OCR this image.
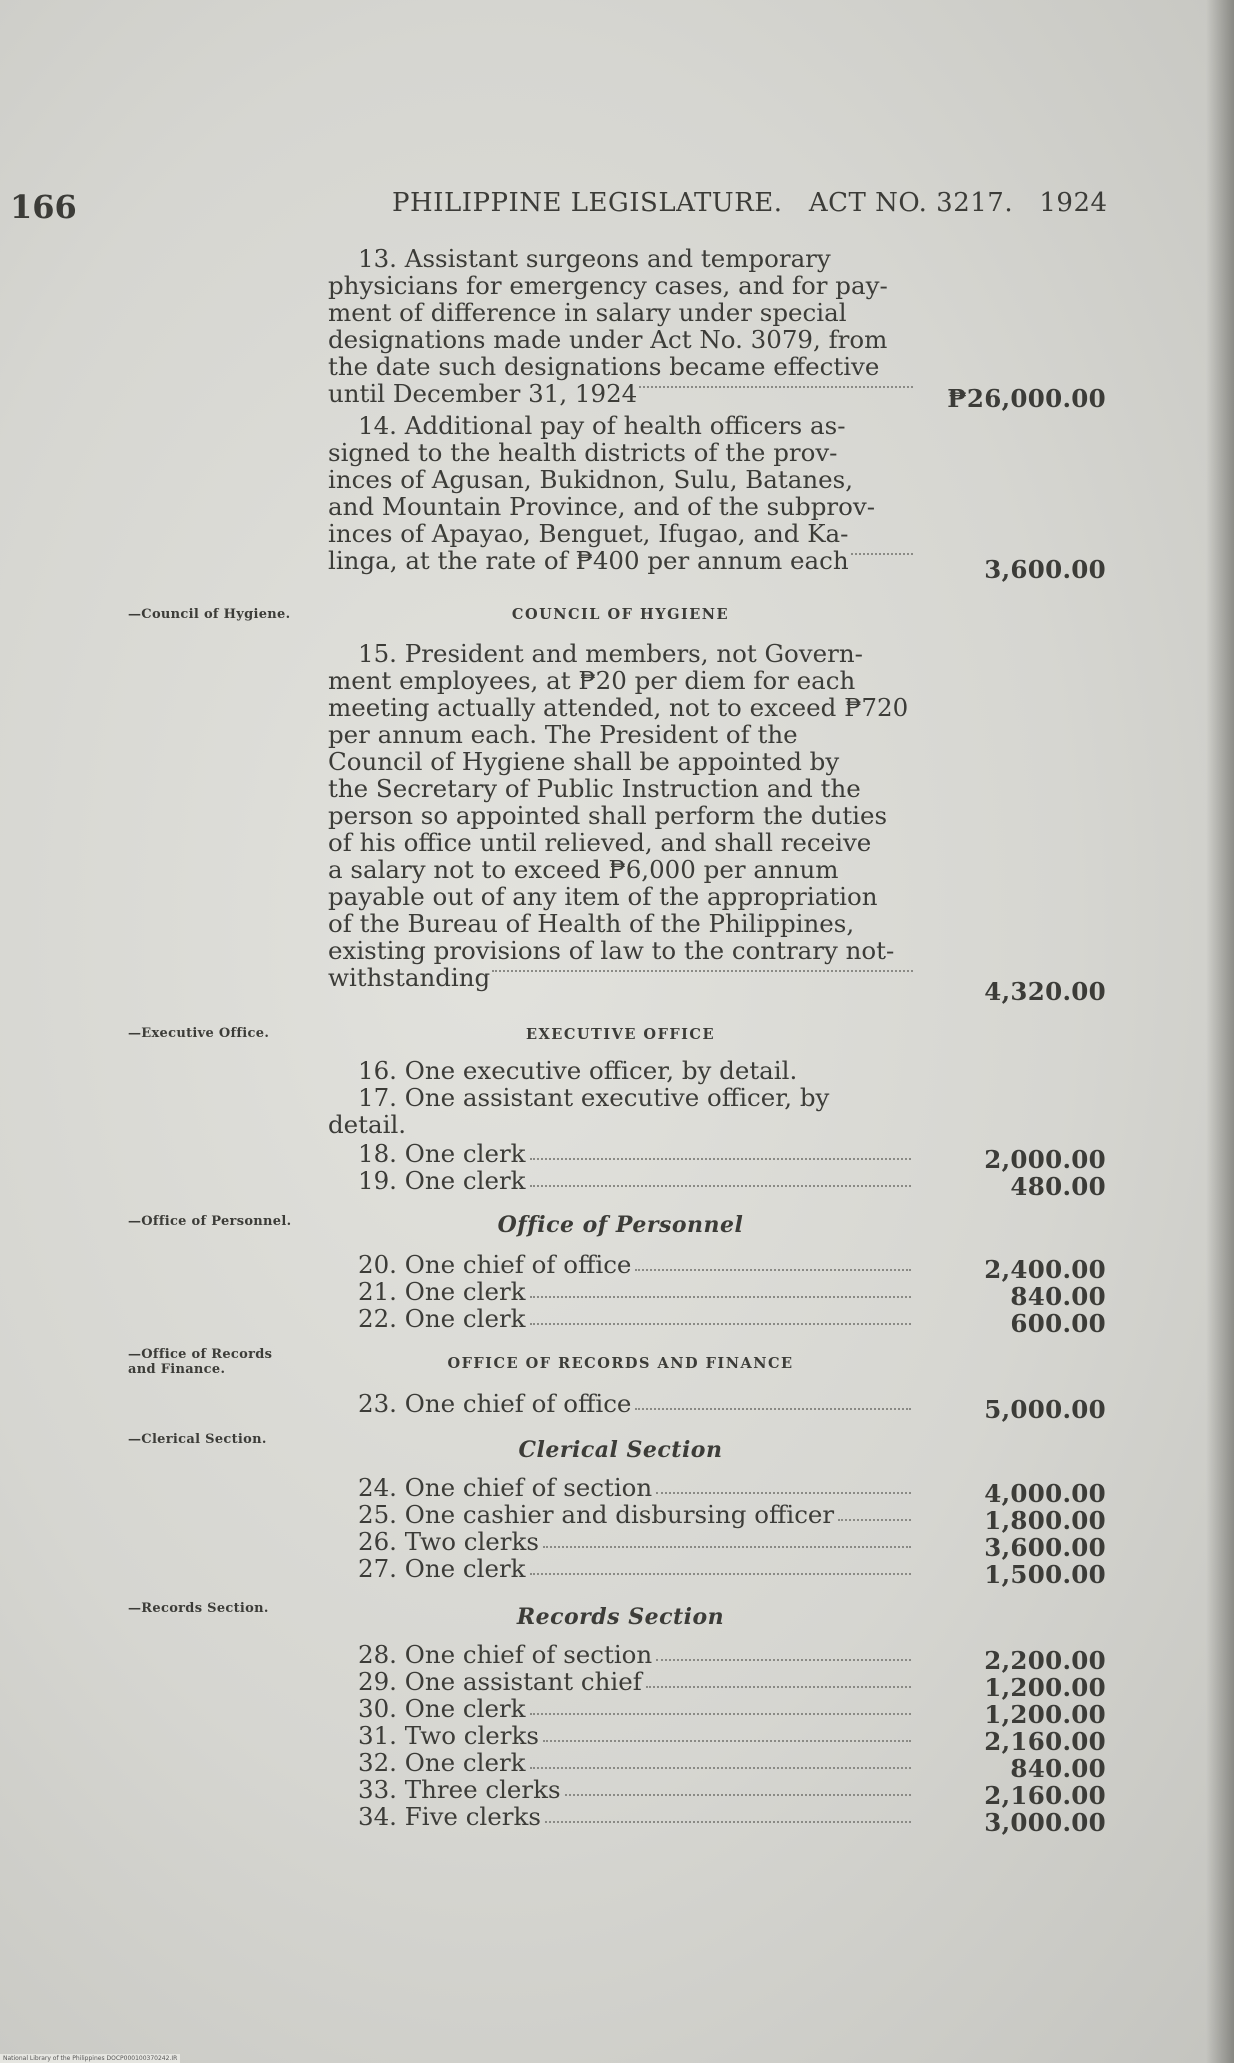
166	PHILIPPINE LEGISLATURE.   ACT NO. 3217.   1924

13. Assistant surgeons and temporary

physicians for emergency cases, and for pay-

ment of difference in salary under special

designations made under Act No. 3079, from

the date such designations became effective

until December 31, 1924	₱26,000.00

14. Additional pay of health officers as-

signed to the health districts of the prov-

inces of Agusan, Bukidnon, Sulu, Batanes,

and Mountain Province, and of the subprov-

inces of Apayao, Benguet, Ifugao, and Ka-

linga, at the rate of ₱400 per annum each	3,600.00
—Council of Hygiene.	COUNCIL OF HYGIENE

15. President and members, not Govern-

ment employees, at ₱20 per diem for each

meeting actually attended, not to exceed ₱720

per annum each. The President of the

Council of Hygiene shall be appointed by

the Secretary of Public Instruction and the

person so appointed shall perform the duties

of his office until relieved, and shall receive

a salary not to exceed ₱6,000 per annum

payable out of any item of the appropriation

of the Bureau of Health of the Philippines,

existing provisions of law to the contrary not-

withstanding	4,320.00
—Executive Office.	EXECUTIVE OFFICE

16. One executive officer, by detail.

17. One assistant executive officer, by

detail.

18. One clerk	2,000.00
19. One clerk	480.00
—Office of Personnel.	Office of Personnel
20. One chief of office	2,400.00
21. One clerk	840.00
22. One clerk	600.00
—Office of Records
and Finance.	OFFICE OF RECORDS AND FINANCE
23. One chief of office	5,000.00
—Clerical Section.	Clerical Section
24. One chief of section	4,000.00
25. One cashier and disbursing officer	1,800.00
26. Two clerks	3,600.00
27. One clerk	1,500.00
—Records Section.	Records Section
28. One chief of section	2,200.00
29. One assistant chief	1,200.00
30. One clerk	1,200.00
31. Two clerks	2,160.00
32. One clerk	840.00
33. Three clerks	2,160.00
34. Five clerks	3,000.00
National Library of the Philippines DOCP000100370242.IR
